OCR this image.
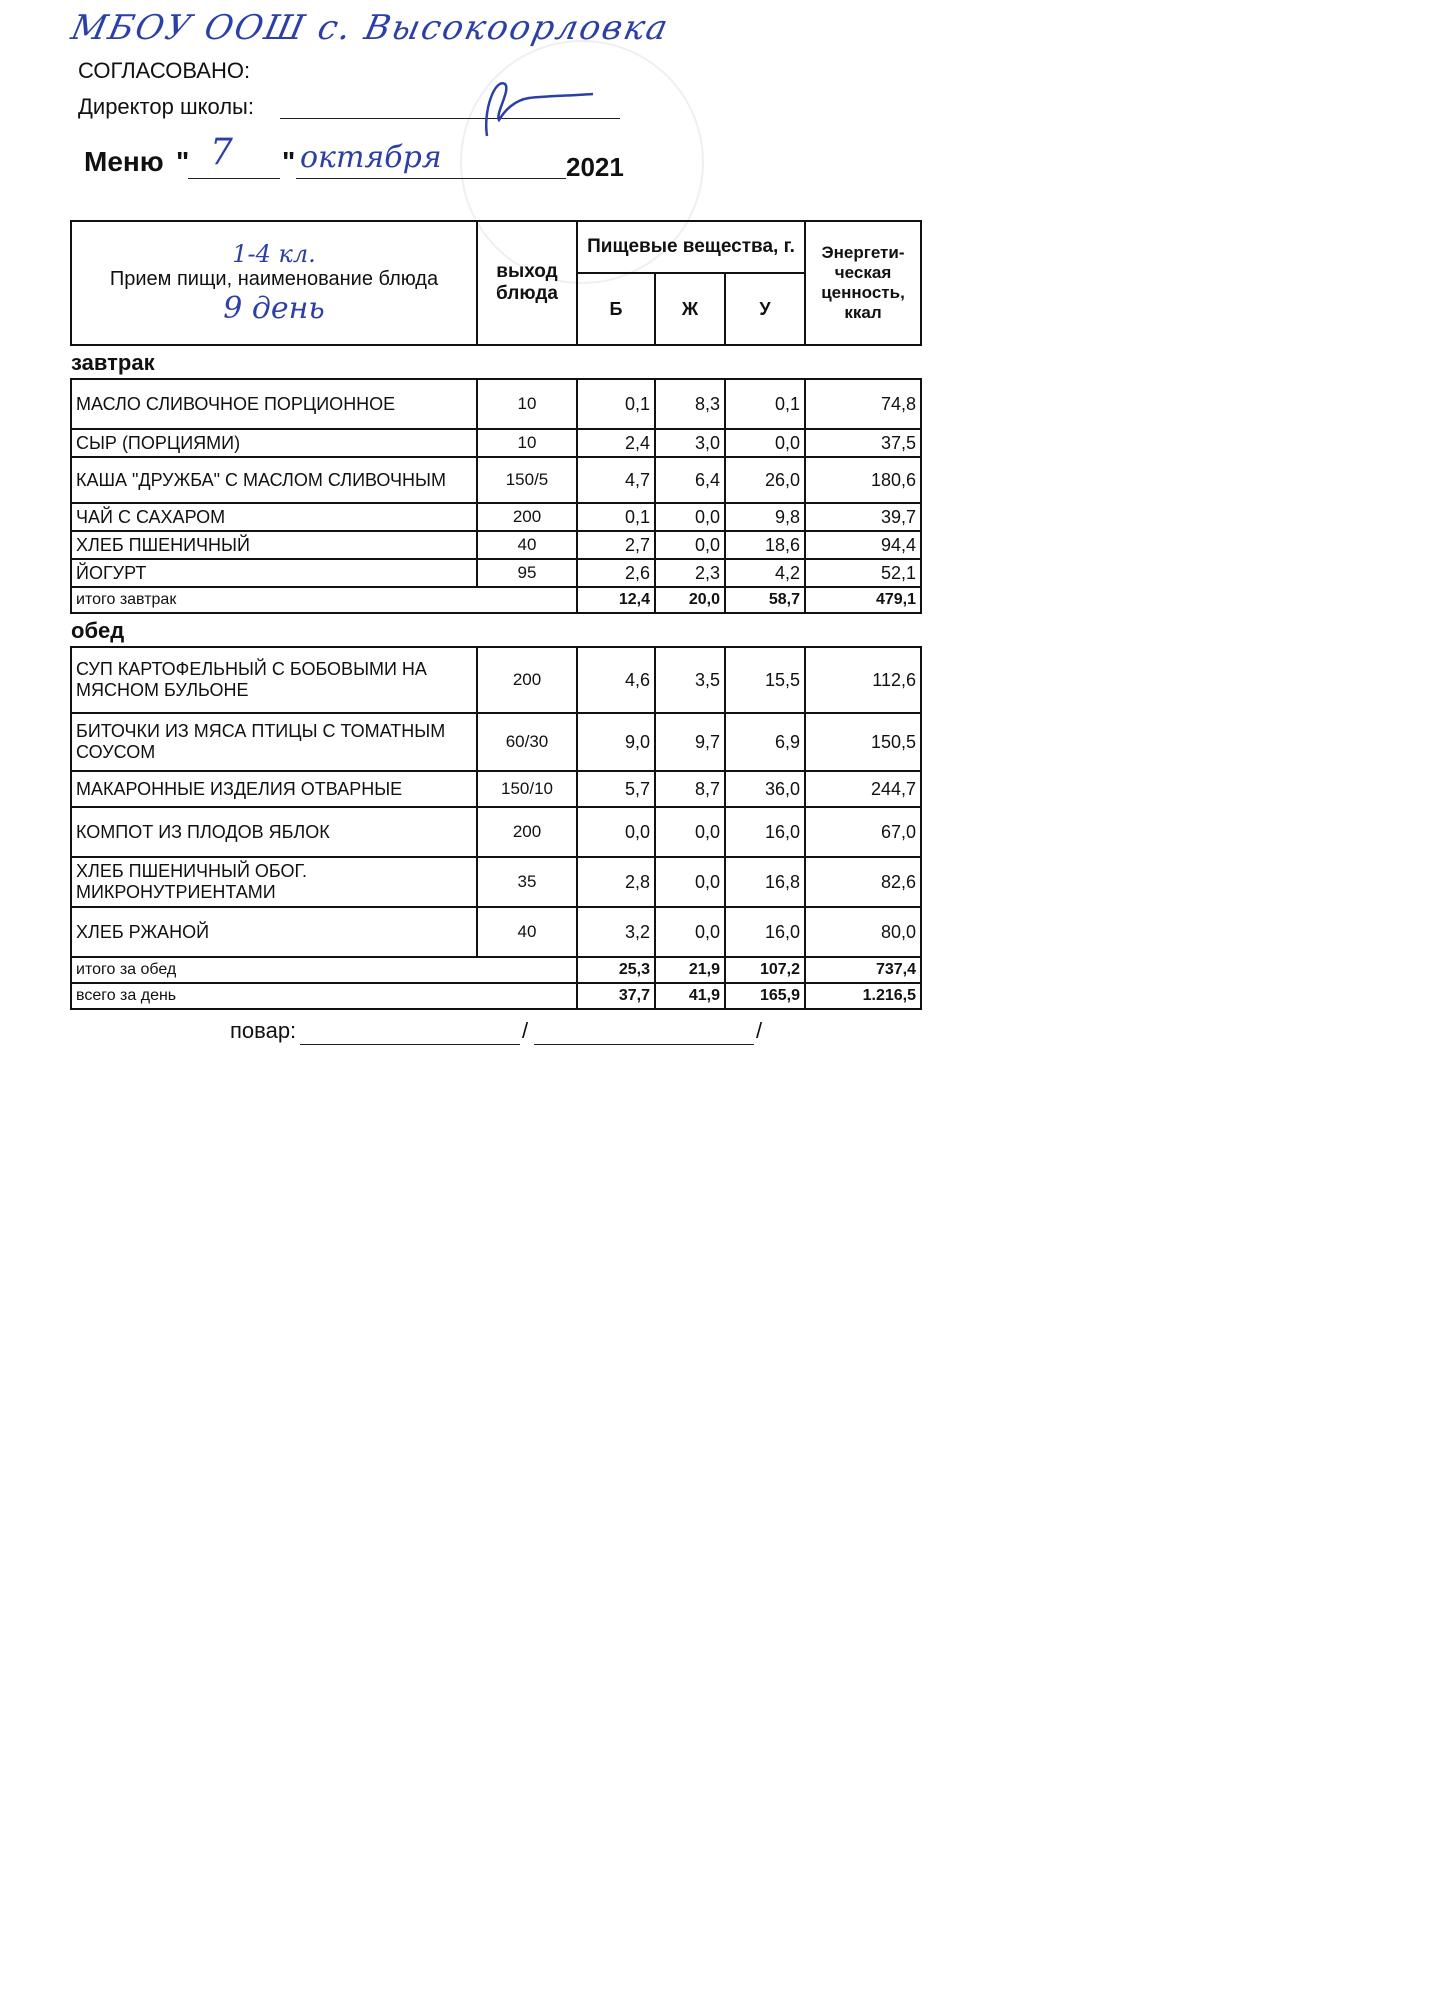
МБОУ ООШ с. Высокоорловка
СОГЛАСОВАНО:
Директор школы:
Меню " 7 " октября	2021
1-4 кл.
Прием пищи, наименование блюда
9 день	выход блюда	Пищевые вещества, г.			Энергети-ческая ценность, ккал
		Б	Ж	У	
завтрак					
МАСЛО СЛИВОЧНОЕ ПОРЦИОННОЕ	10	0,1	8,3	0,1	74,8
СЫР (ПОРЦИЯМИ)	10	2,4	3,0	0,0	37,5
КАША "ДРУЖБА" С МАСЛОМ СЛИВОЧНЫМ	150/5	4,7	6,4	26,0	180,6
ЧАЙ С САХАРОМ	200	0,1	0,0	9,8	39,7
ХЛЕБ ПШЕНИЧНЫЙ	40	2,7	0,0	18,6	94,4
ЙОГУРТ	95	2,6	2,3	4,2	52,1
итого завтрак		12,4	20,0	58,7	479,1
обед					
СУП КАРТОФЕЛЬНЫЙ С БОБОВЫМИ НА МЯСНОМ БУЛЬОНЕ	200	4,6	3,5	15,5	112,6
БИТОЧКИ ИЗ МЯСА ПТИЦЫ С ТОМАТНЫМ СОУСОМ	60/30	9,0	9,7	6,9	150,5
МАКАРОННЫЕ ИЗДЕЛИЯ ОТВАРНЫЕ	150/10	5,7	8,7	36,0	244,7
КОМПОТ ИЗ ПЛОДОВ ЯБЛОК	200	0,0	0,0	16,0	67,0
ХЛЕБ ПШЕНИЧНЫЙ ОБОГ. МИКРОНУТРИЕНТАМИ	35	2,8	0,0	16,8	82,6
ХЛЕБ РЖАНОЙ	40	3,2	0,0	16,0	80,0
итого за обед		25,3	21,9	107,2	737,4
всего за день		37,7	41,9	165,9	1.216,5
повар:	/	/
